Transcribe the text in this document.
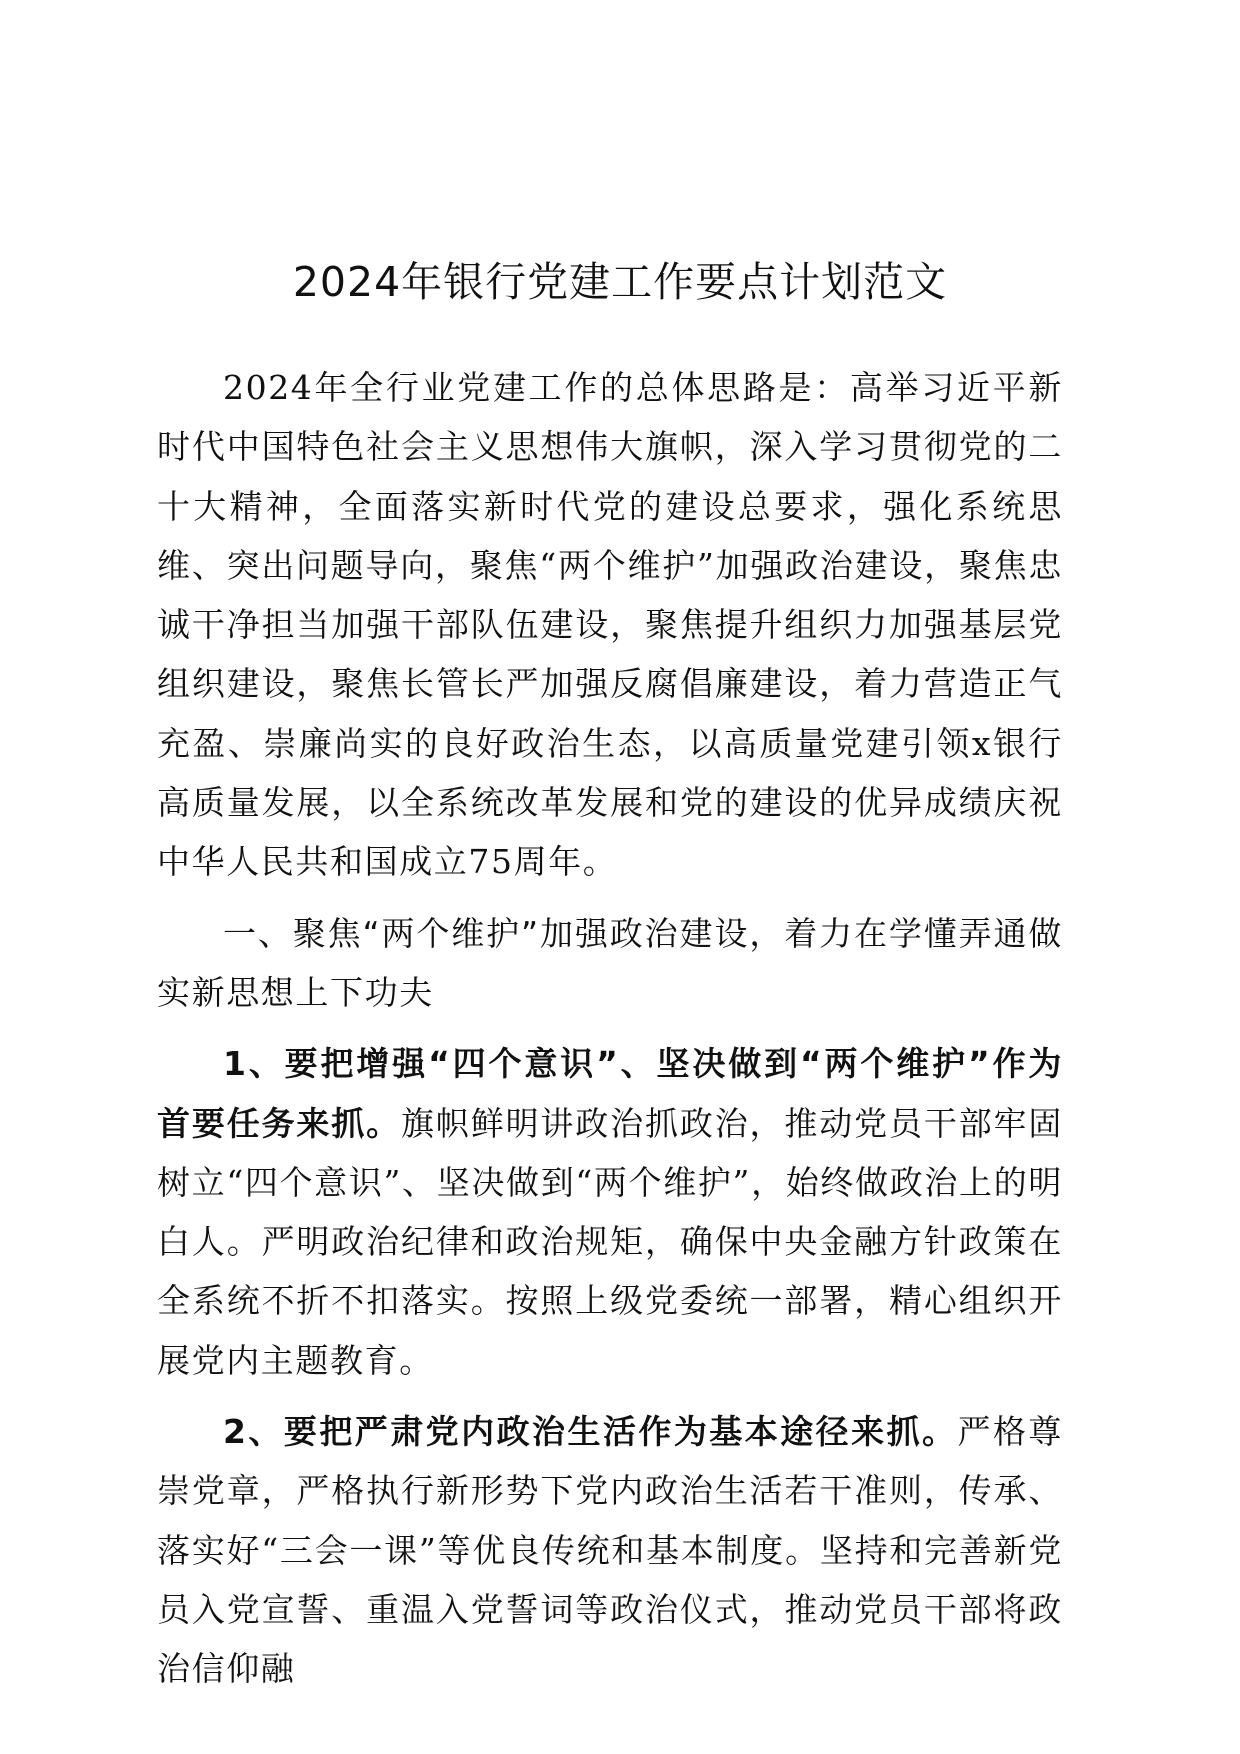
2024年银行党建工作要点计划范文

2024年全行业党建工作的总体思路是：高举习近平新时代中国特色社会主义思想伟大旗帜，深入学习贯彻党的二十大精神，全面落实新时代党的建设总要求，强化系统思维、突出问题导向，聚焦“两个维护”加强政治建设，聚焦忠诚干净担当加强干部队伍建设，聚焦提升组织力加强基层党组织建设，聚焦长管长严加强反腐倡廉建设，着力营造正气充盈、崇廉尚实的良好政治生态，以高质量党建引领x银行高质量发展，以全系统改革发展和党的建设的优异成绩庆祝中华人民共和国成立75周年。

一、聚焦“两个维护”加强政治建设，着力在学懂弄通做实新思想上下功夫

1、要把增强“四个意识”、坚决做到“两个维护”作为首要任务来抓。旗帜鲜明讲政治抓政治，推动党员干部牢固树立“四个意识”、坚决做到“两个维护”，始终做政治上的明白人。严明政治纪律和政治规矩，确保中央金融方针政策在全系统不折不扣落实。按照上级党委统一部署，精心组织开展党内主题教育。

2、要把严肃党内政治生活作为基本途径来抓。严格尊崇党章，严格执行新形势下党内政治生活若干准则，传承、落实好“三会一课”等优良传统和基本制度。坚持和完善新党员入党宣誓、重温入党誓词等政治仪式，推动党员干部将政治信仰融
